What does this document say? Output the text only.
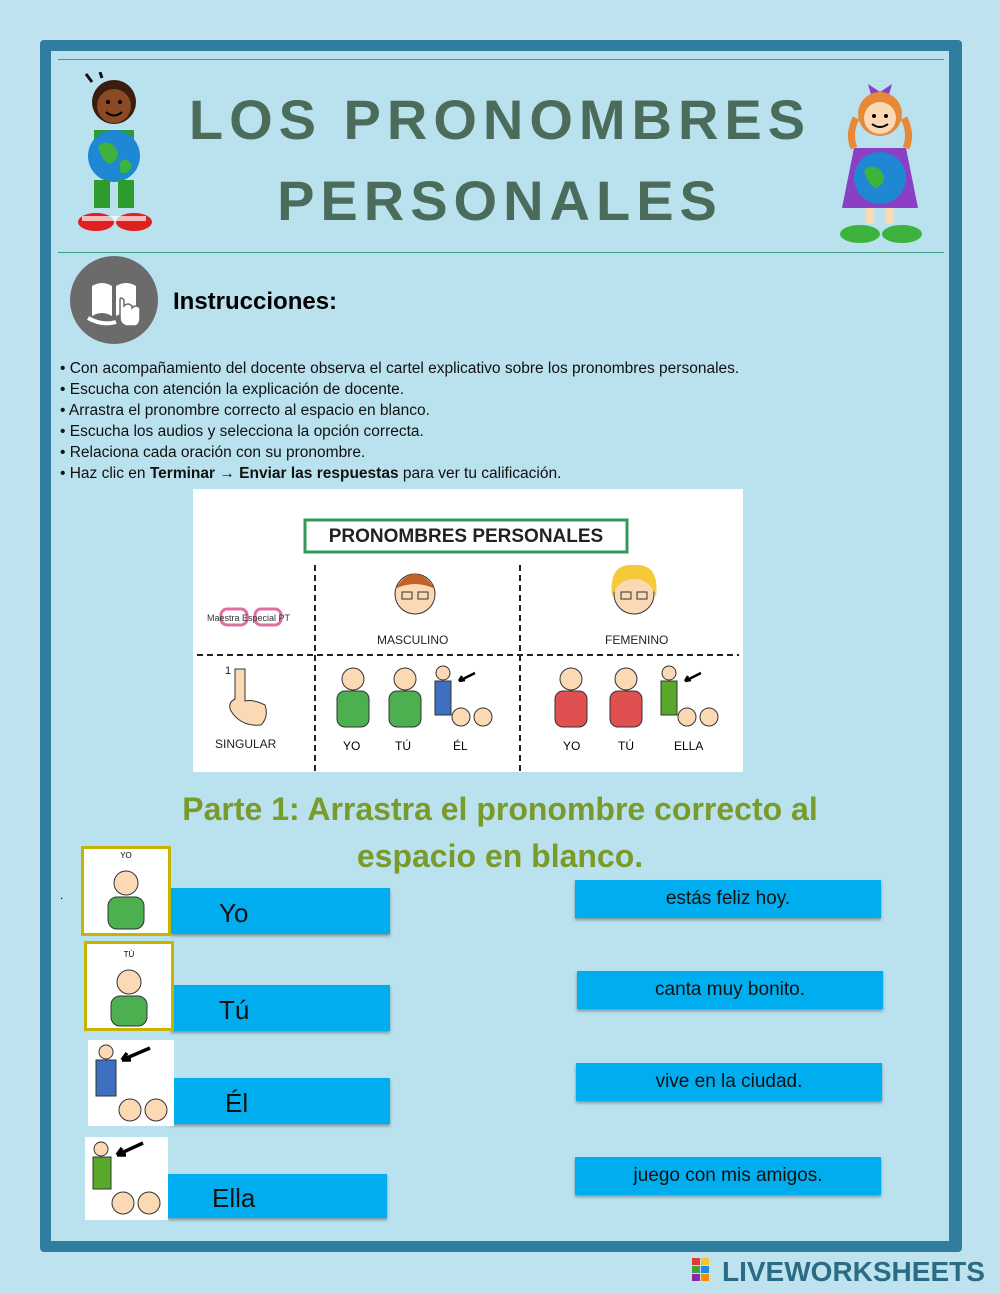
LOS PRONOMBRES
PERSONALES
Instrucciones:
• Con acompañamiento del docente observa el cartel explicativo sobre los pronombres personales.
• Escucha con atención la explicación de docente.
• Arrastra el pronombre correcto al espacio en blanco.
• Escucha los audios y selecciona la opción correcta.
• Relaciona cada oración con su pronombre.
• Haz clic en Terminar → Enviar las respuestas para ver tu calificación.
PRONOMBRES PERSONALES
Maestra Especial PT
MASCULINO	FEMENINO
1
SINGULAR	YO	TÚ	ÉL	YO	TÚ	ELLA
Parte 1: Arrastra el pronombre correcto al
espacio en blanco.
.
Yo
YO
Tú
TÚ
Él
Ella
estás feliz hoy.
canta muy bonito.
vive en la ciudad.
juego con mis amigos.
LIVEWORKSHEETS
